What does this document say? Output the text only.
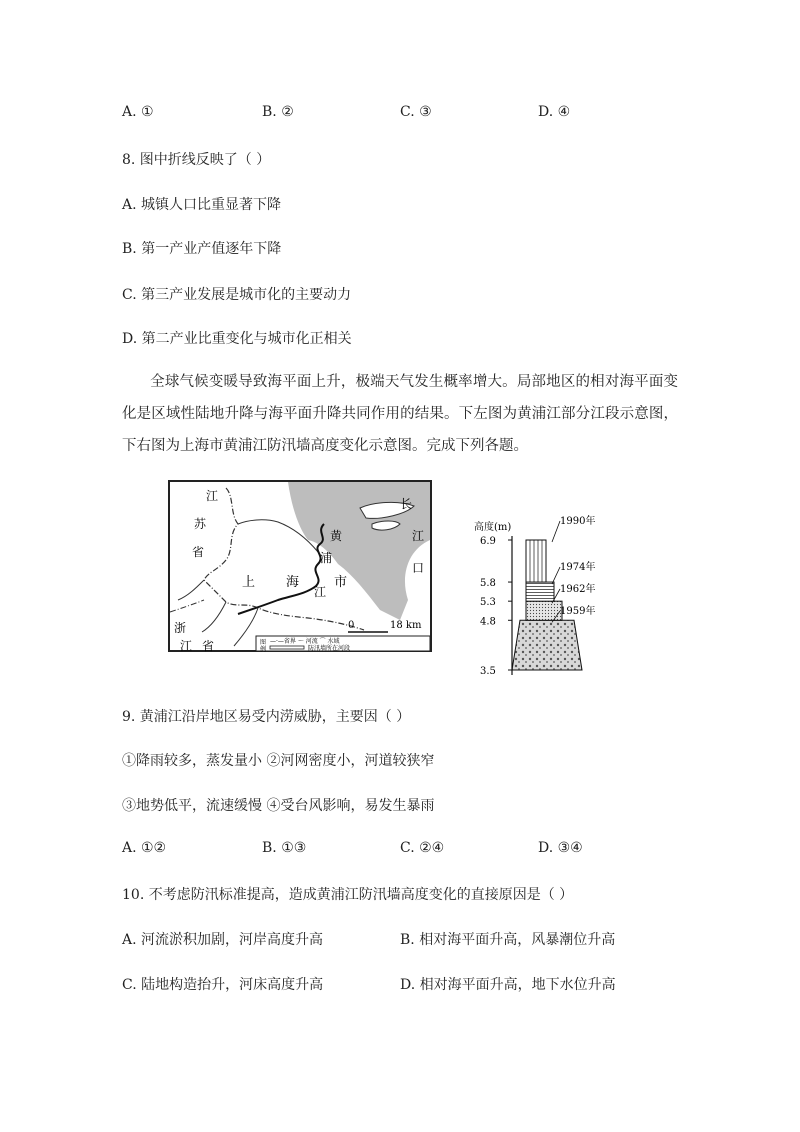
A. ①	B. ②	C. ③	D. ④
8. 图中折线反映了（ ）
A. 城镇人口比重显著下降
B. 第一产业产值逐年下降
C. 第三产业发展是城市化的主要动力
D. 第二产业比重变化与城市化正相关
全球气候变暖导致海平面上升，极端天气发生概率增大。局部地区的相对海平面变化是区域性陆地升降与海平面升降共同作用的结果。下左图为黄浦江部分江段示意图，下右图为上海市黄浦江防汛墙高度变化示意图。完成下列各题。
江
苏
省
上 海	市
黄
浦
江
浙
江 省
长
江
口
0	18 km
图
例
—·—省界 〜 河流 ⌒ 水域
防汛墙所在河段
高度(m)
6.9
5.8
5.3
4.8
3.5
1959年
1962年
1974年
1990年
9. 黄浦江沿岸地区易受内涝威胁，主要因（ ）
①降雨较多，蒸发量小 ②河网密度小，河道较狭窄
③地势低平，流速缓慢 ④受台风影响，易发生暴雨
A. ①②	B. ①③	C. ②④	D. ③④
10. 不考虑防汛标准提高，造成黄浦江防汛墙高度变化的直接原因是（ ）
A. 河流淤积加剧，河岸高度升高	B. 相对海平面升高，风暴潮位升高
C. 陆地构造抬升，河床高度升高	D. 相对海平面升高，地下水位升高
